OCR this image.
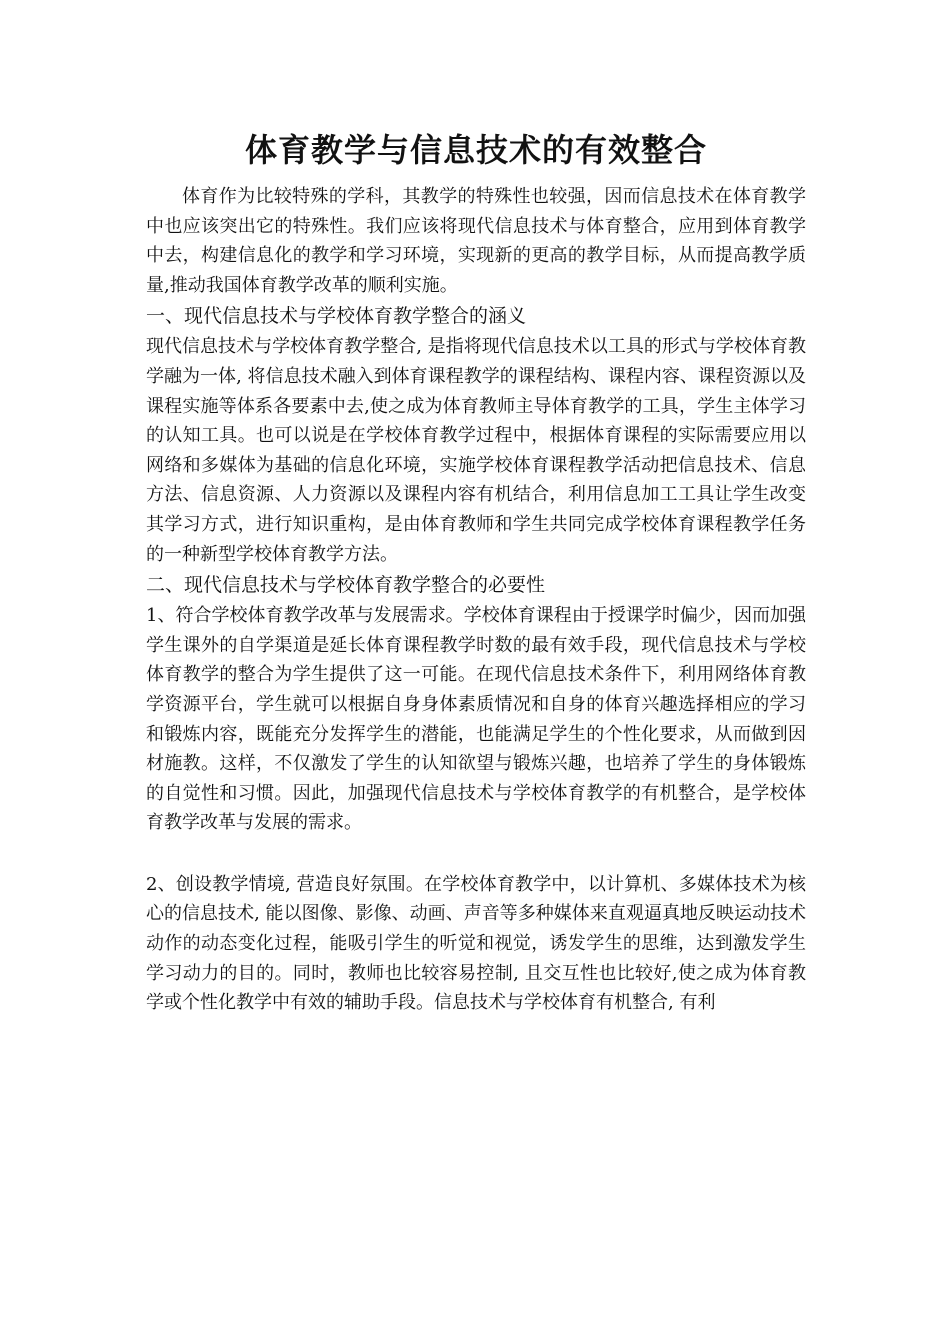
体育教学与信息技术的有效整合

体育作为比较特殊的学科，其教学的特殊性也较强，因而信息技术在体育教学中也应该突出它的特殊性。我们应该将现代信息技术与体育整合，应用到体育教学中去，构建信息化的教学和学习环境，实现新的更高的教学目标，从而提高教学质量,推动我国体育教学改革的顺利实施。

一、现代信息技术与学校体育教学整合的涵义

现代信息技术与学校体育教学整合, 是指将现代信息技术以工具的形式与学校体育教学融为一体, 将信息技术融入到体育课程教学的课程结构、课程内容、课程资源以及课程实施等体系各要素中去,使之成为体育教师主导体育教学的工具，学生主体学习的认知工具。也可以说是在学校体育教学过程中，根据体育课程的实际需要应用以网络和多媒体为基础的信息化环境，实施学校体育课程教学活动把信息技术、信息方法、信息资源、人力资源以及课程内容有机结合，利用信息加工工具让学生改变其学习方式，进行知识重构，是由体育教师和学生共同完成学校体育课程教学任务的一种新型学校体育教学方法。

二、现代信息技术与学校体育教学整合的必要性

1、符合学校体育教学改革与发展需求。学校体育课程由于授课学时偏少，因而加强学生课外的自学渠道是延长体育课程教学时数的最有效手段，现代信息技术与学校体育教学的整合为学生提供了这一可能。在现代信息技术条件下，利用网络体育教学资源平台，学生就可以根据自身身体素质情况和自身的体育兴趣选择相应的学习和锻炼内容，既能充分发挥学生的潜能，也能满足学生的个性化要求，从而做到因材施教。这样，不仅激发了学生的认知欲望与锻炼兴趣，也培养了学生的身体锻炼的自觉性和习惯。因此，加强现代信息技术与学校体育教学的有机整合，是学校体育教学改革与发展的需求。

2、创设教学情境, 营造良好氛围。在学校体育教学中，以计算机、多媒体技术为核心的信息技术, 能以图像、影像、动画、声音等多种媒体来直观逼真地反映运动技术动作的动态变化过程，能吸引学生的听觉和视觉，诱发学生的思维，达到激发学生学习动力的目的。同时，教师也比较容易控制, 且交互性也比较好,使之成为体育教学或个性化教学中有效的辅助手段。信息技术与学校体育有机整合, 有利
